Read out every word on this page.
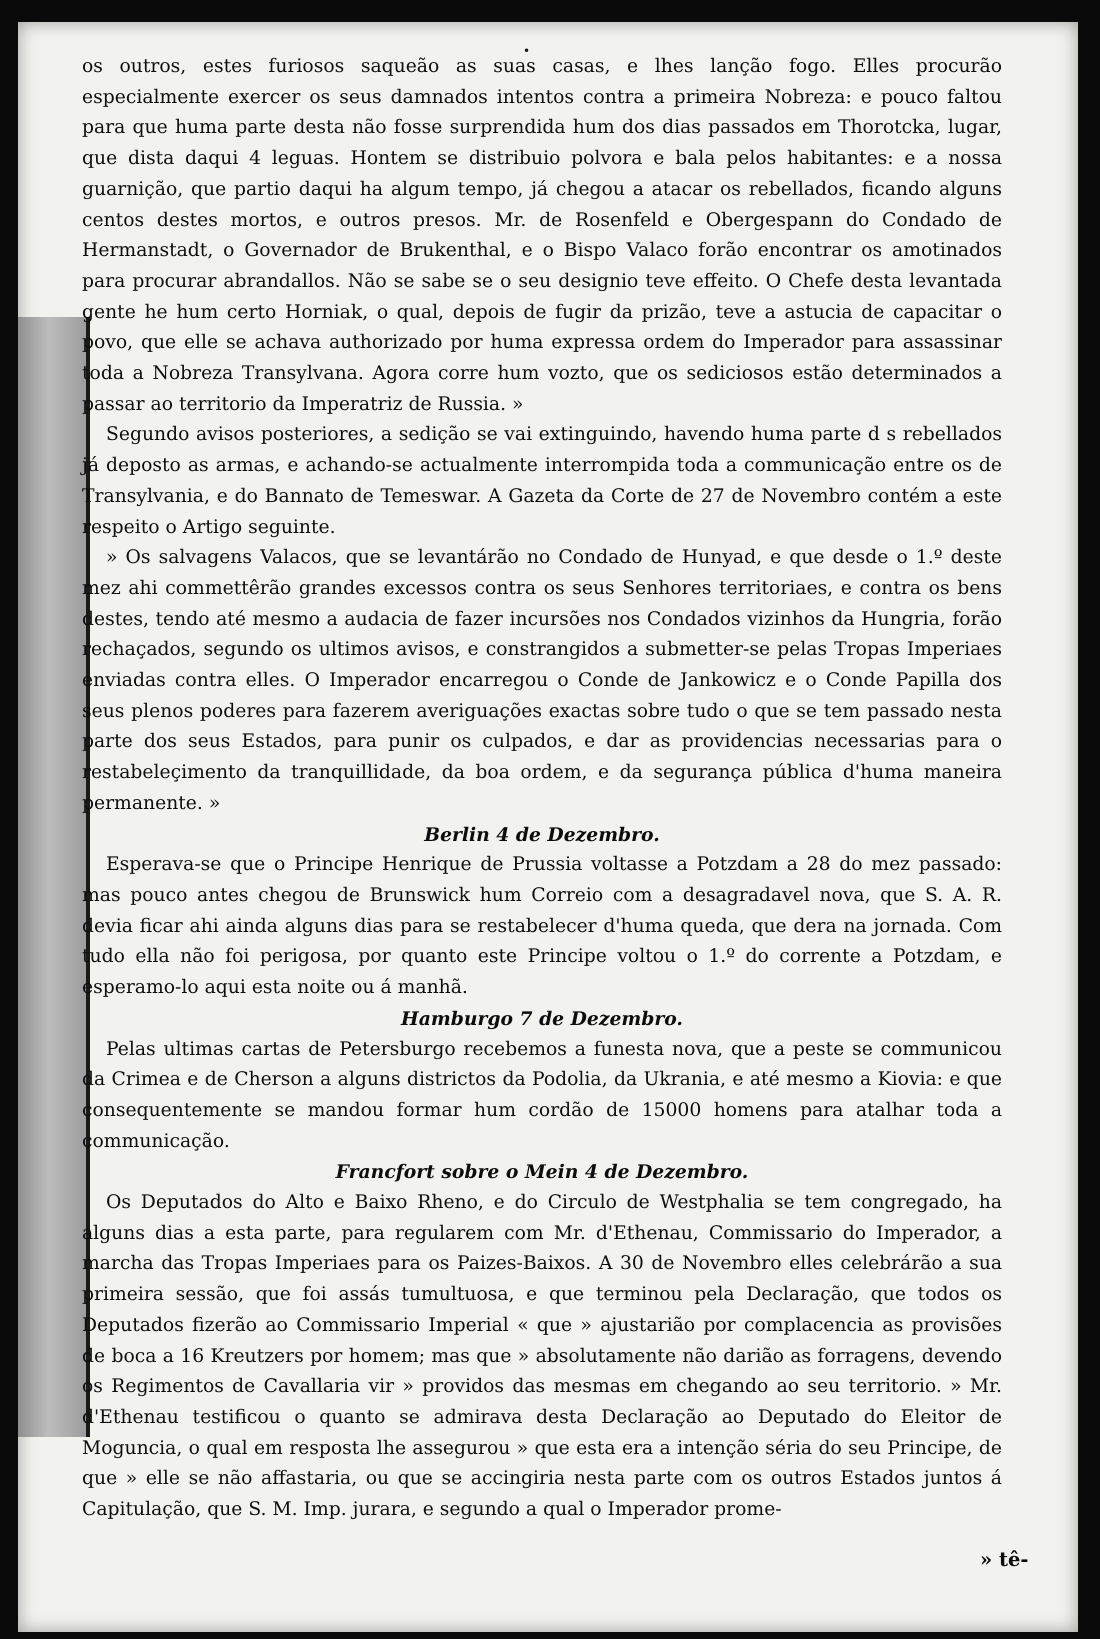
•

os outros, estes furiosos saqueão as suas casas, e lhes lanção fogo. Elles procurão especialmente exercer os seus damnados intentos contra a primeira Nobreza: e pouco faltou para que huma parte desta não fosse surprendida hum dos dias passados em Thorotcka, lugar, que dista daqui 4 leguas. Hontem se distribuio polvora e bala pelos habitantes: e a nossa guarnição, que partio daqui ha algum tempo, já chegou a atacar os rebellados, ficando alguns centos destes mortos, e outros presos. Mr. de Rosenfeld e Obergespann do Condado de Hermanstadt, o Governador de Brukenthal, e o Bispo Valaco forão encontrar os amotinados para procurar abrandallos. Não se sabe se o seu designio teve effeito. O Chefe desta levantada gente he hum certo Horniak, o qual, depois de fugir da prizão, teve a astucia de capacitar o povo, que elle se achava authorizado por huma expressa ordem do Imperador para assassinar toda a Nobreza Transylvana. Agora corre hum vozto, que os sediciosos estão determinados a passar ao territorio da Imperatriz de Russia. »

Segundo avisos posteriores, a sedição se vai extinguindo, havendo huma parte d s rebellados já deposto as armas, e achando-se actualmente interrompida toda a communicação entre os de Transylvania, e do Bannato de Temeswar. A Gazeta da Corte de 27 de Novembro contém a este respeito o Artigo seguinte.

» Os salvagens Valacos, que se levantárão no Condado de Hunyad, e que desde o 1.º deste mez ahi commettêrão grandes excessos contra os seus Senhores territoriaes, e contra os bens destes, tendo até mesmo a audacia de fazer incursões nos Condados vizinhos da Hungria, forão rechaçados, segundo os ultimos avisos, e constrangidos a submetter-se pelas Tropas Imperiaes enviadas contra elles. O Imperador encarregou o Conde de Jankowicz e o Conde Papilla dos seus plenos poderes para fazerem averiguações exactas sobre tudo o que se tem passado nesta parte dos seus Estados, para punir os culpados, e dar as providencias necessarias para o restabeleçimento da tranquillidade, da boa ordem, e da segurança pública d'huma maneira permanente. »

Berlin 4 de Dezembro.

Esperava-se que o Principe Henrique de Prussia voltasse a Potzdam a 28 do mez passado: mas pouco antes chegou de Brunswick hum Correio com a desagradavel nova, que S. A. R. devia ficar ahi ainda alguns dias para se restabelecer d'huma queda, que dera na jornada. Com tudo ella não foi perigosa, por quanto este Principe voltou o 1.º do corrente a Potzdam, e esperamo-lo aqui esta noite ou á manhã.

Hamburgo 7 de Dezembro.

Pelas ultimas cartas de Petersburgo recebemos a funesta nova, que a peste se communicou da Crimea e de Cherson a alguns districtos da Podolia, da Ukrania, e até mesmo a Kiovia: e que consequentemente se mandou formar hum cordão de 15000 homens para atalhar toda a communicação.

Francfort sobre o Mein 4 de Dezembro.

Os Deputados do Alto e Baixo Rheno, e do Circulo de Westphalia se tem congregado, ha alguns dias a esta parte, para regularem com Mr. d'Ethenau, Commissario do Imperador, a marcha das Tropas Imperiaes para os Paizes-Baixos. A 30 de Novembro elles celebrárão a sua primeira sessão, que foi assás tumultuosa, e que terminou pela Declaração, que todos os Deputados fizerão ao Commissario Imperial « que » ajustarião por complacencia as provisões de boca a 16 Kreutzers por homem; mas que » absolutamente não darião as forragens, devendo os Regimentos de Cavallaria vir » providos das mesmas em chegando ao seu territorio. » Mr. d'Ethenau testificou o quanto se admirava desta Declaração ao Deputado do Eleitor de Moguncia, o qual em resposta lhe assegurou » que esta era a intenção séria do seu Principe, de que » elle se não affastaria, ou que se accingiria nesta parte com os outros Estados juntos á Capitulação, que S. M. Imp. jurara, e segundo a qual o Imperador prome-

» tê-
